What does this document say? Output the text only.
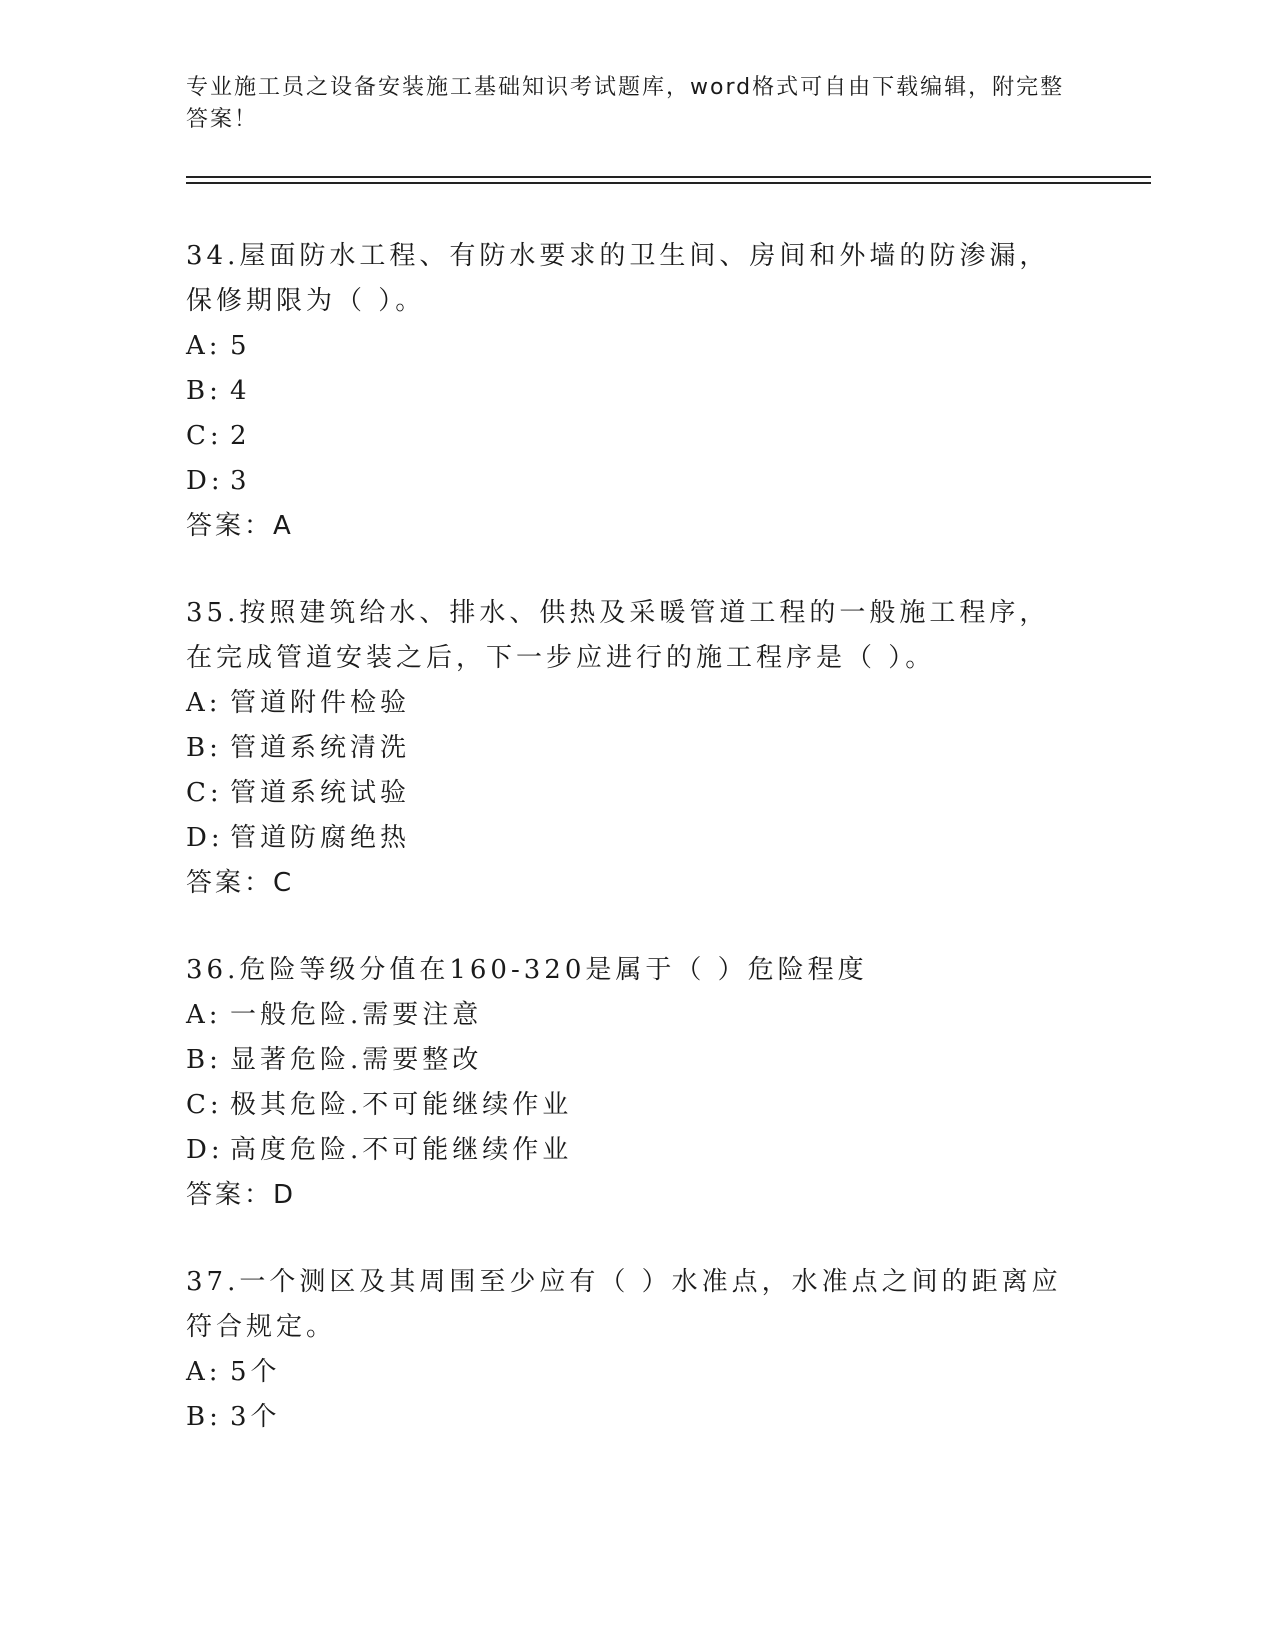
专业施工员之设备安装施工基础知识考试题库，word格式可自由下载编辑，附完整答案！

34.屋面防水工程、有防水要求的卫生间、房间和外墙的防渗漏，保修期限为（ ）。

A: 5

B: 4

C: 2

D: 3

答案：A

35.按照建筑给水、排水、供热及采暖管道工程的一般施工程序，在完成管道安装之后，下一步应进行的施工程序是（ ）。

A: 管道附件检验

B: 管道系统清洗

C: 管道系统试验

D: 管道防腐绝热

答案：C

36.危险等级分值在160-320是属于（ ）危险程度

A: 一般危险.需要注意

B: 显著危险.需要整改

C: 极其危险.不可能继续作业

D: 高度危险.不可能继续作业

答案：D

37.一个测区及其周围至少应有（ ）水准点，水准点之间的距离应符合规定。

A: 5个

B: 3个
